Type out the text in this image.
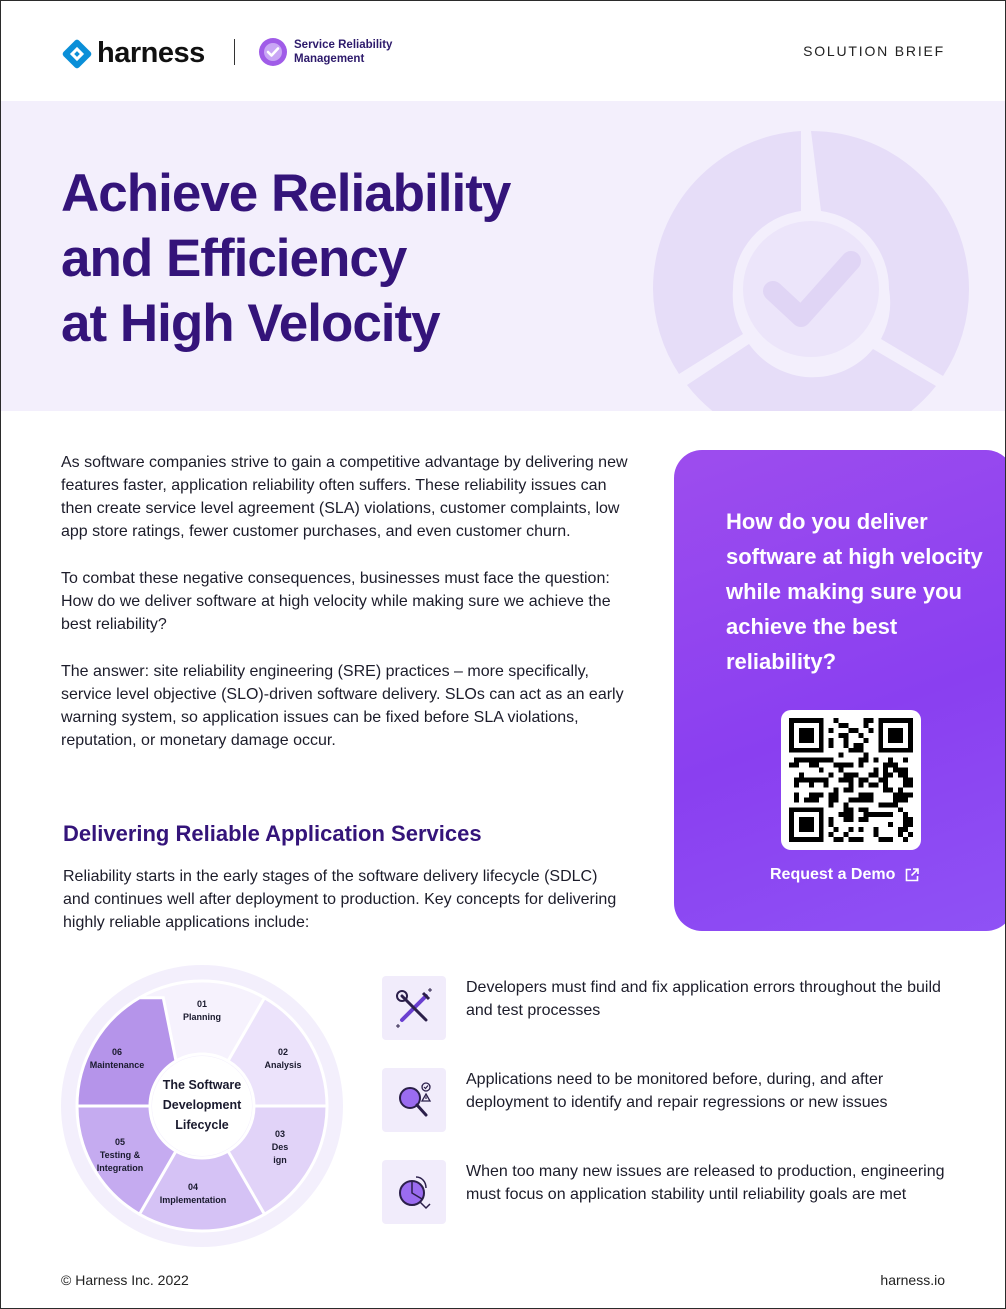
harness	Service Reliability
Management	SOLUTION BRIEF
Achieve Reliability
and Efficiency
at High Velocity

As software companies strive to gain a competitive advantage by delivering new features faster, application reliability often suffers. These reliability issues can then create service level agreement (SLA) violations, customer complaints, low app store ratings, fewer customer purchases, and even customer churn.

To combat these negative consequences, businesses must face the question: How do we deliver software at high velocity while making sure we achieve the best reliability?

The answer: site reliability engineering (SRE) practices – more specifically, service level objective (SLO)-driven software delivery. SLOs can act as an early warning system, so application issues can be fixed before SLA violations, reputation, or monetary damage occur.

How do you deliver software at high velocity while making sure you achieve the best reliability?
Request a Demo
Delivering Reliable Application Services

Reliability starts in the early stages of the software delivery lifecycle (SDLC) and continues well after deployment to production. Key concepts for delivering highly reliable applications include:

The Software
Development
Lifecycle
01
Planning
02
Analysis
03
Des
ign
04
Implementation
05
Testing &
Integration
06
Maintenance
Developers must find and fix application errors throughout the build and test processes
Applications need to be monitored before, during, and after deployment to identify and repair regressions or new issues
When too many new issues are released to production, engineering must focus on application stability until reliability goals are met
© Harness Inc. 2022	harness.io
